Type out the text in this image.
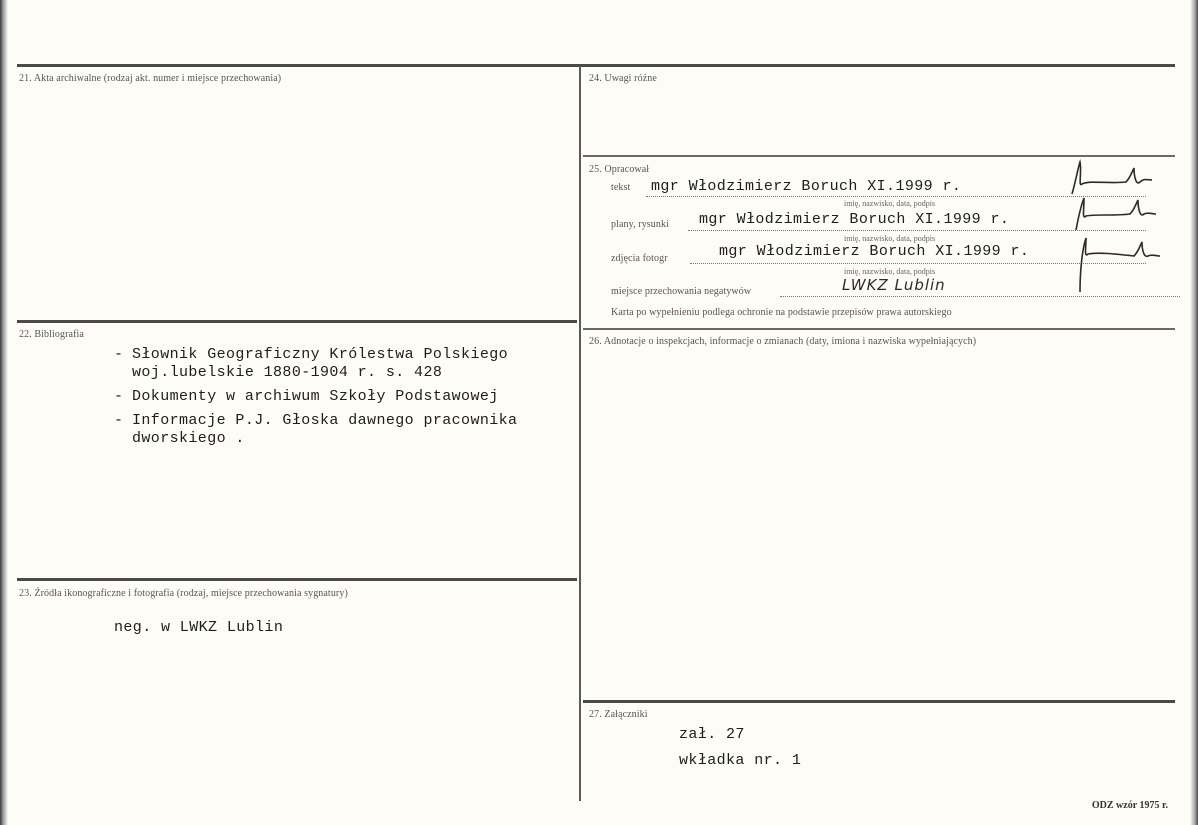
21. Akta archiwalne (rodzaj akt. numer i miejsce przechowania)
22. Bibliografia
- Słownik Geograficzny Królestwa Polskiego
woj.lubelskie 1880-1904 r. s. 428
- Dokumenty w archiwum Szkoły Podstawowej
- Informacje P.J. Głoska dawnego pracownika
dworskiego .
23. Źródła ikonograficzne i fotografia (rodzaj, miejsce przechowania sygnatury)
neg. w LWKZ Lublin
24. Uwagi różne
25. Opracował
tekst mgr Włodzimierz Boruch XI.1999 r.
imię, nazwisko, data, podpis
plany, rysunki mgr Włodzimierz Boruch XI.1999 r.
imię, nazwisko, data, podpis
zdjęcia fotogr	mgr Włodzimierz Boruch XI.1999 r.
imię, nazwisko, data, podpis
miejsce przechowania negatywów	LWKZ Lublin
Karta po wypełnieniu podlega ochronie na podstawie przepisów prawa autorskiego
26. Adnotacje o inspekcjach, informacje o zmianach (daty, imiona i nazwiska wypełniających)
27. Załączniki
zał. 27
wkładka nr. 1
ODZ wzór 1975 r.
